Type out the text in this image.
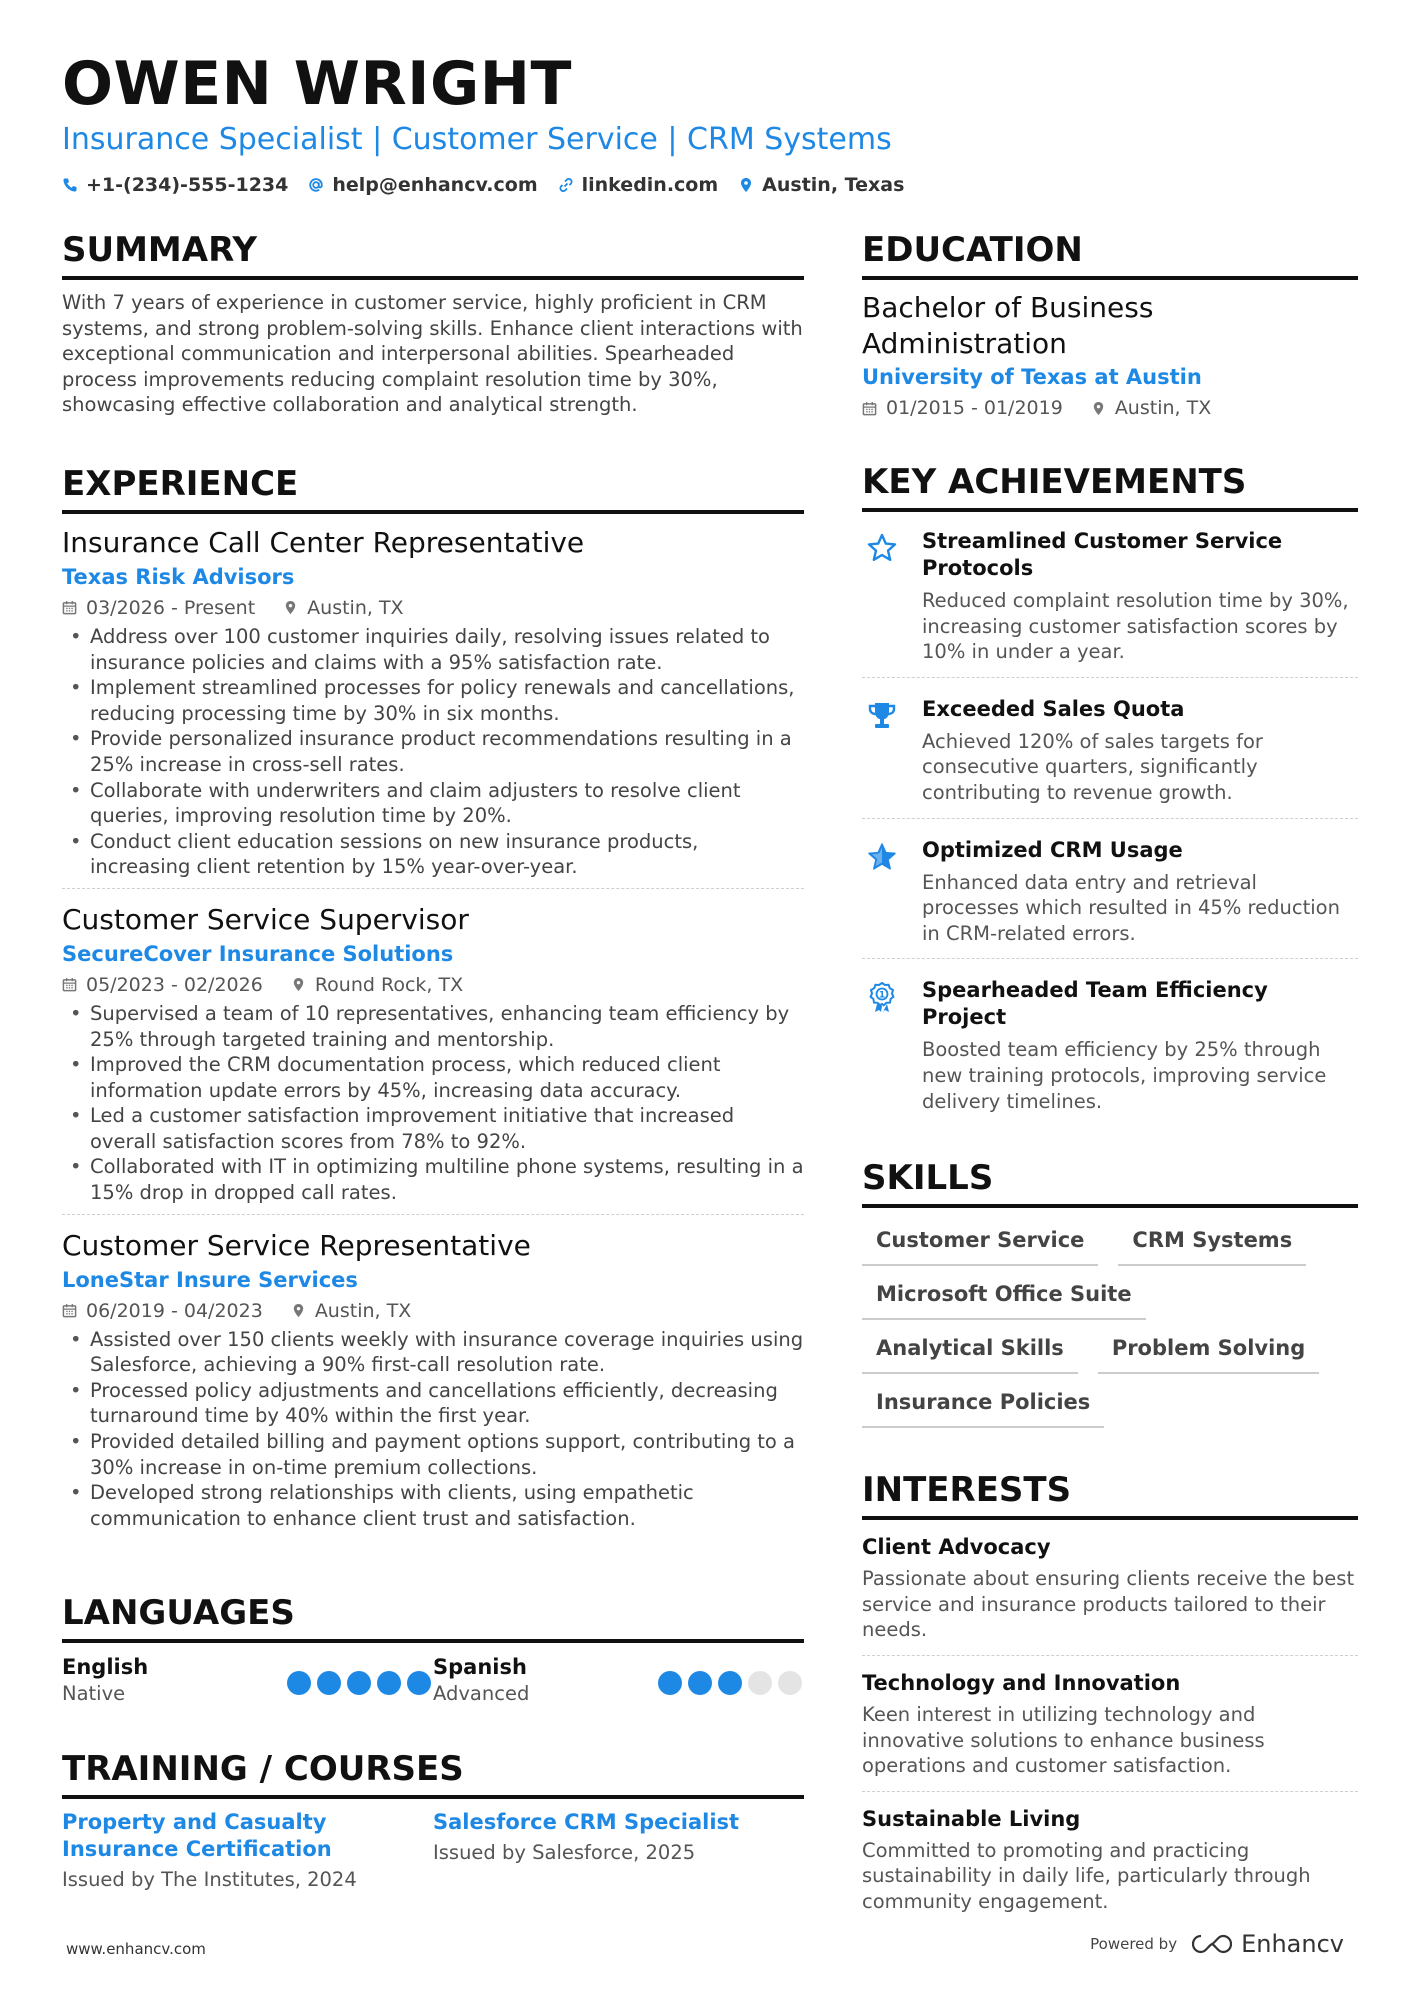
OWEN WRIGHT
Insurance Specialist | Customer Service | CRM Systems
+1-(234)-555-1234 help@enhancv.com linkedin.com Austin, Texas
SUMMARY
With 7 years of experience in customer service, highly proficient in CRM systems, and strong problem-solving skills. Enhance client interactions with exceptional communication and interpersonal abilities. Spearheaded process improvements reducing complaint resolution time by 30%, showcasing effective collaboration and analytical strength.
EXPERIENCE
Insurance Call Center Representative
Texas Risk Advisors
03/2026 - Present	Austin, TX
• Address over 100 customer inquiries daily, resolving issues related to insurance policies and claims with a 95% satisfaction rate.
• Implement streamlined processes for policy renewals and cancellations, reducing processing time by 30% in six months.
• Provide personalized insurance product recommendations resulting in a 25% increase in cross-sell rates.
• Collaborate with underwriters and claim adjusters to resolve client queries, improving resolution time by 20%.
• Conduct client education sessions on new insurance products, increasing client retention by 15% year-over-year.
Customer Service Supervisor
SecureCover Insurance Solutions
05/2023 - 02/2026	Round Rock, TX
• Supervised a team of 10 representatives, enhancing team efficiency by 25% through targeted training and mentorship.
• Improved the CRM documentation process, which reduced client information update errors by 45%, increasing data accuracy.
• Led a customer satisfaction improvement initiative that increased overall satisfaction scores from 78% to 92%.
• Collaborated with IT in optimizing multiline phone systems, resulting in a 15% drop in dropped call rates.
Customer Service Representative
LoneStar Insure Services
06/2019 - 04/2023	Austin, TX
• Assisted over 150 clients weekly with insurance coverage inquiries using Salesforce, achieving a 90% first-call resolution rate.
• Processed policy adjustments and cancellations efficiently, decreasing turnaround time by 40% within the first year.
• Provided detailed billing and payment options support, contributing to a 30% increase in on-time premium collections.
• Developed strong relationships with clients, using empathetic communication to enhance client trust and satisfaction.
LANGUAGES
English
Native
Spanish
Advanced
TRAINING / COURSES
Property and Casualty Insurance Certification
Issued by The Institutes, 2024
Salesforce CRM Specialist
Issued by Salesforce, 2025
EDUCATION
Bachelor of Business Administration
University of Texas at Austin
01/2015 - 01/2019	Austin, TX
KEY ACHIEVEMENTS
Streamlined Customer Service Protocols
Reduced complaint resolution time by 30%, increasing customer satisfaction scores by 10% in under a year.
Exceeded Sales Quota
Achieved 120% of sales targets for consecutive quarters, significantly contributing to revenue growth.
Optimized CRM Usage
Enhanced data entry and retrieval processes which resulted in 45% reduction in CRM-related errors.
1 Spearheaded Team Efficiency Project
Boosted team efficiency by 25% through new training protocols, improving service delivery timelines.
SKILLS
Customer Service	CRM Systems
Microsoft Office Suite
Analytical Skills	Problem Solving
Insurance Policies
INTERESTS
Client Advocacy
Passionate about ensuring clients receive the best service and insurance products tailored to their needs.
Technology and Innovation
Keen interest in utilizing technology and innovative solutions to enhance business operations and customer satisfaction.
Sustainable Living
Committed to promoting and practicing sustainability in daily life, particularly through community engagement.
www.enhancv.com	Powered by	Enhancv
